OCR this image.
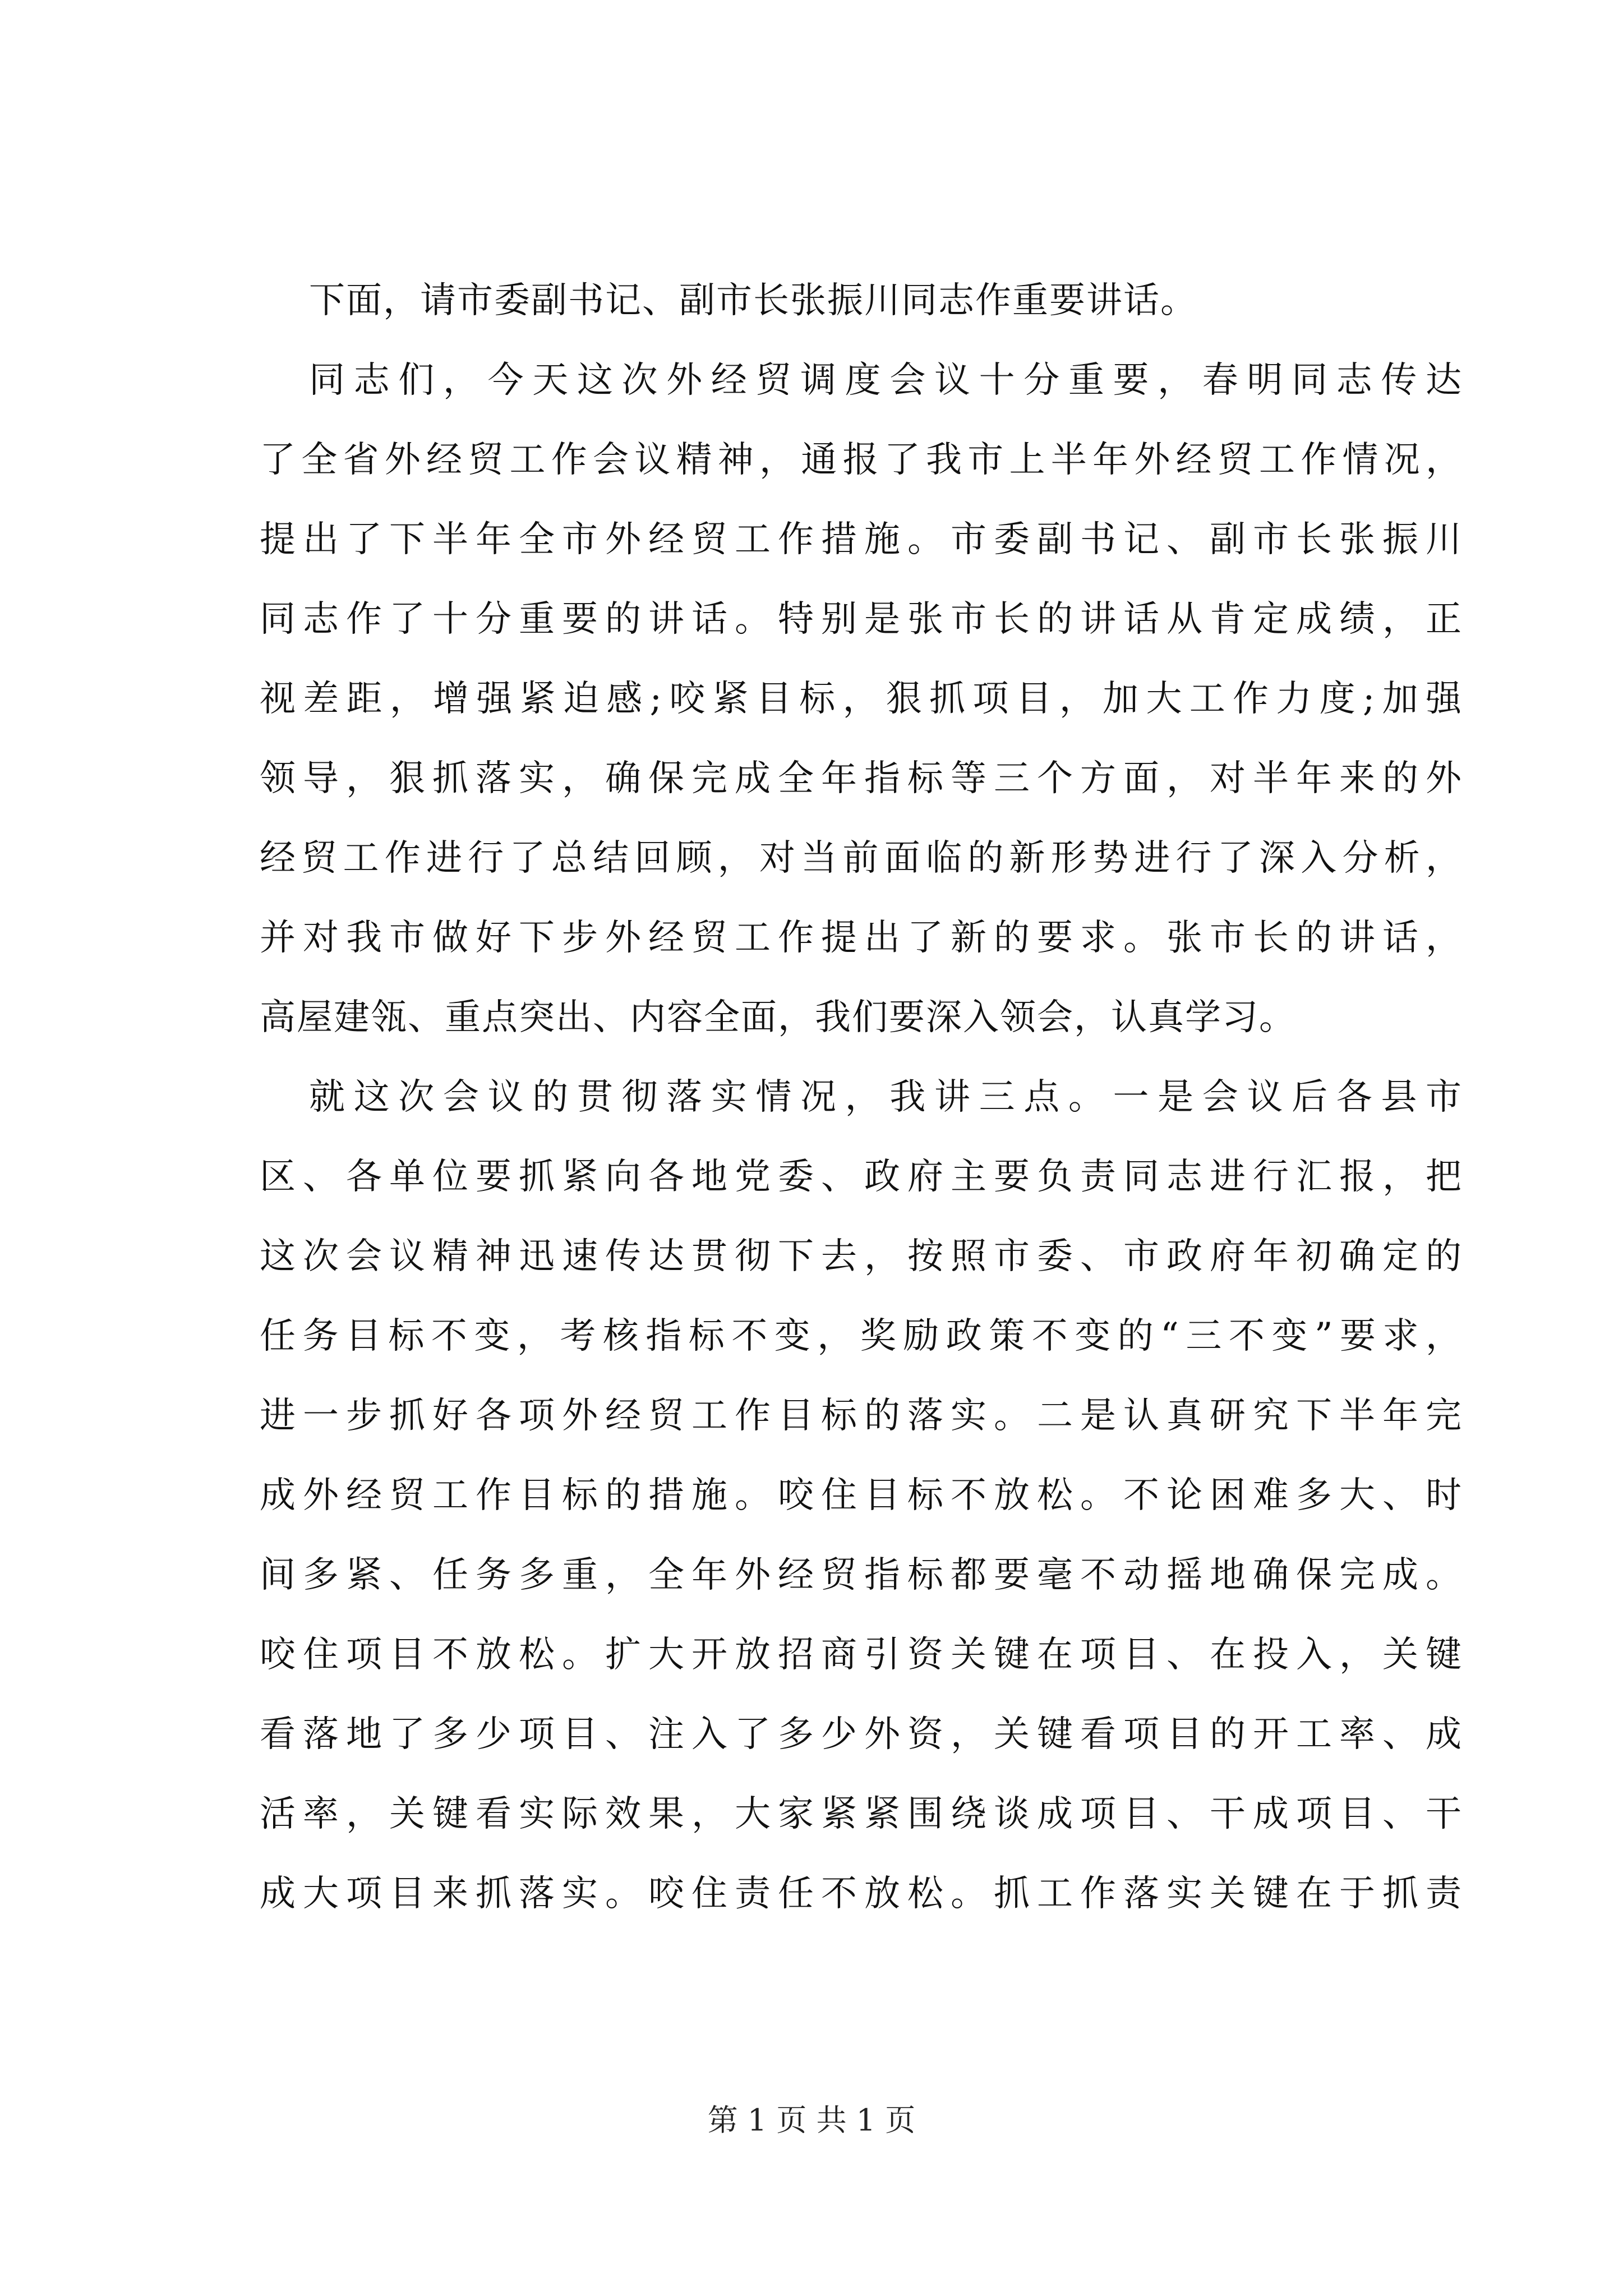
下面，请市委副书记、副市长张振川同志作重要讲话。
同志们，今天这次外经贸调度会议十分重要，春明同志传达
了全省外经贸工作会议精神，通报了我市上半年外经贸工作情况，
提出了下半年全市外经贸工作措施。市委副书记、副市长张振川
同志作了十分重要的讲话。特别是张市长的讲话从肯定成绩，正
视差距，增强紧迫感;咬紧目标，狠抓项目，加大工作力度;加强
领导，狠抓落实，确保完成全年指标等三个方面，对半年来的外
经贸工作进行了总结回顾，对当前面临的新形势进行了深入分析，
并对我市做好下步外经贸工作提出了新的要求。张市长的讲话，
高屋建瓴、重点突出、内容全面，我们要深入领会，认真学习。
就这次会议的贯彻落实情况，我讲三点。一是会议后各县市
区、各单位要抓紧向各地党委、政府主要负责同志进行汇报，把
这次会议精神迅速传达贯彻下去，按照市委、市政府年初确定的
任务目标不变，考核指标不变，奖励政策不变的“三不变”要求，
进一步抓好各项外经贸工作目标的落实。二是认真研究下半年完
成外经贸工作目标的措施。咬住目标不放松。不论困难多大、时
间多紧、任务多重，全年外经贸指标都要毫不动摇地确保完成。
咬住项目不放松。扩大开放招商引资关键在项目、在投入，关键
看落地了多少项目、注入了多少外资，关键看项目的开工率、成
活率，关键看实际效果，大家紧紧围绕谈成项目、干成项目、干
成大项目来抓落实。咬住责任不放松。抓工作落实关键在于抓责
第 1 页 共 1 页
